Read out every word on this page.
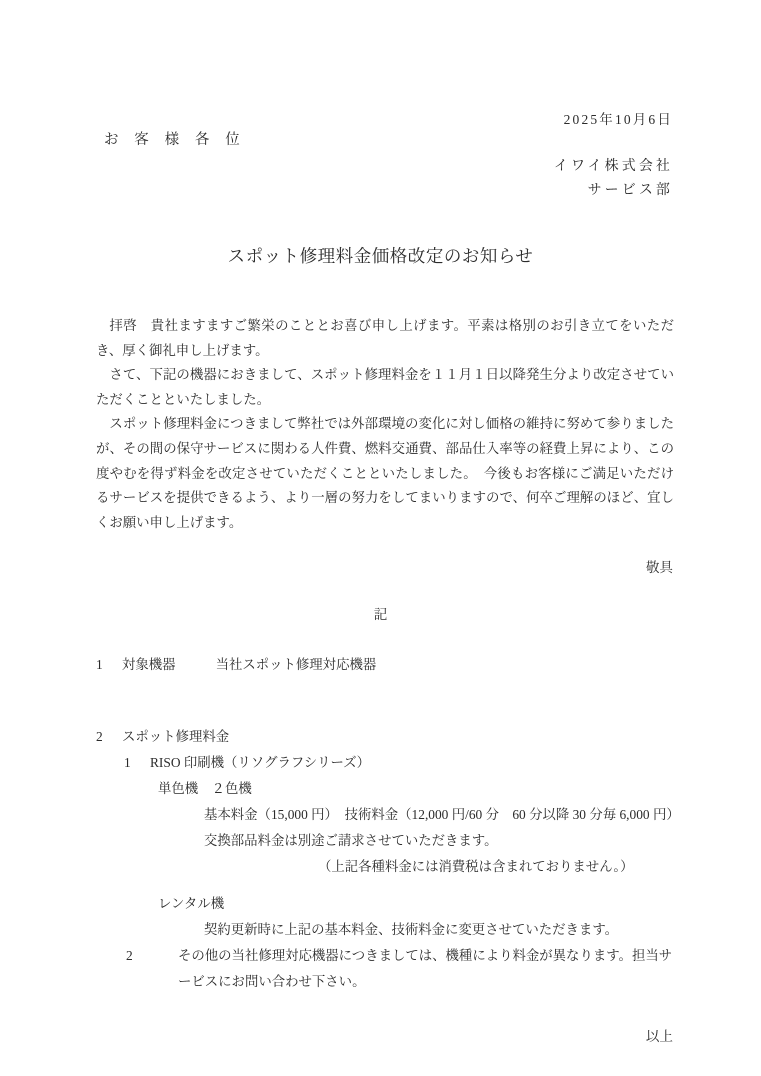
2025年10月6日
お 客 様 各 位
イワイ株式会社
サービス部
スポット修理料金価格改定のお知らせ

拝啓　貴社ますますご繁栄のこととお喜び申し上げます。平素は格別のお引き立てをいただき、厚く御礼申し上げます。

さて、下記の機器におきまして、スポット修理料金を１１月１日以降発生分より改定させていただくことといたしました。

スポット修理料金につきまして弊社では外部環境の変化に対し価格の維持に努めて参りましたが、その間の保守サービスに関わる人件費、燃料交通費、部品仕入率等の経費上昇により、この度やむを得ず料金を改定させていただくことといたしました。　今後もお客様にご満足いただけるサービスを提供できるよう、より一層の努力をしてまいりますので、何卒ご理解のほど、宜しくお願い申し上げます。

敬具
記
1 対象機器	当社スポット修理対応機器
2 スポット修理料金
1 RISO 印刷機（リソグラフシリーズ）
単色機　２色機
基本料金（15,000 円）　技術料金（12,000 円/60 分　60 分以降 30 分毎 6,000 円）
交換部品料金は別途ご請求させていただきます。
（上記各種料金には消費税は含まれておりません。）
レンタル機
契約更新時に上記の基本料金、技術料金に変更させていただきます。
2	その他の当社修理対応機器につきましては、機種により料金が異なります。担当サービスにお問い合わせ下さい。
以上
